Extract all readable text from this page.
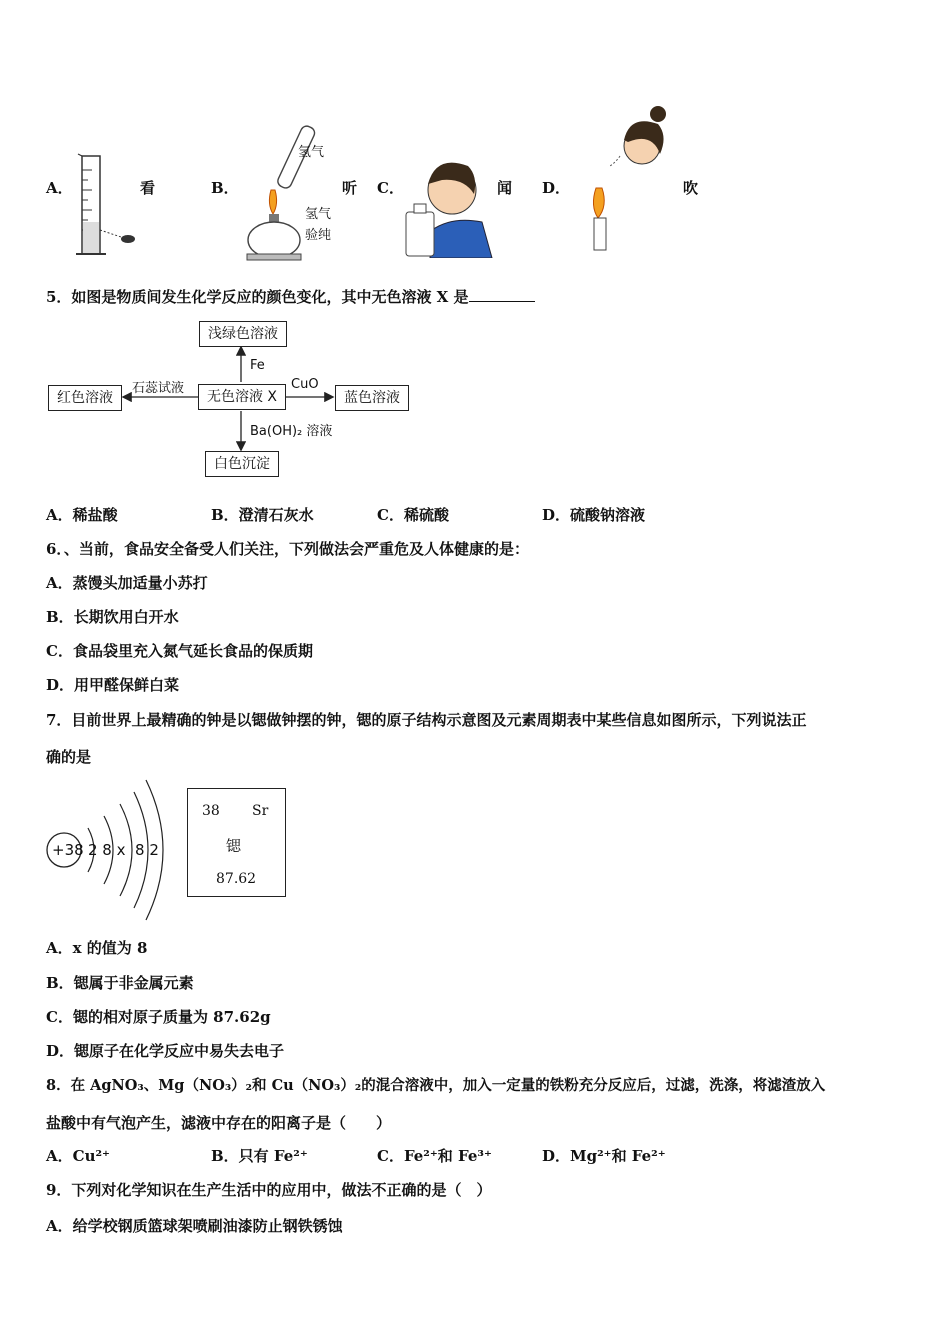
A．	看	B．
氢气
氢气
验纯
听 C．	闻 D．	吹
5．如图是物质间发生化学反应的颜色变化，其中无色溶液 X 是
浅绿色溶液
红色溶液	无色溶液 X	蓝色溶液
白色沉淀
Fe
石蕊试液	CuO
Ba(OH)₂ 溶液
A．稀盐酸	B．澄清石灰水	C．稀硫酸	D．硫酸钠溶液
6．、当前，食品安全备受人们关注，下列做法会严重危及人体健康的是：
A．蒸馒头加适量小苏打
B．长期饮用白开水
C．食品袋里充入氮气延长食品的保质期
D．用甲醛保鲜白菜
7．目前世界上最精确的钟是以锶做钟摆的钟，锶的原子结构示意图及元素周期表中某些信息如图所示，下列说法正
确的是
+38 2 8 x  8 2
38 Sr
锶
87.62
A．x 的值为 8
B．锶属于非金属元素
C．锶的相对原子质量为 87.62g
D．锶原子在化学反应中易失去电子
8．在 AgNO₃、Mg（NO₃）₂和 Cu（NO₃）₂的混合溶液中，加入一定量的铁粉充分反应后，过滤，洗涤，将滤渣放入
盐酸中有气泡产生，滤液中存在的阳离子是（　　）
A．Cu²⁺	B．只有 Fe²⁺	C．Fe²⁺和 Fe³⁺	D．Mg²⁺和 Fe²⁺
9．下列对化学知识在生产生活中的应用中，做法不正确的是（　）
A．给学校钢质篮球架喷刷油漆防止钢铁锈蚀
